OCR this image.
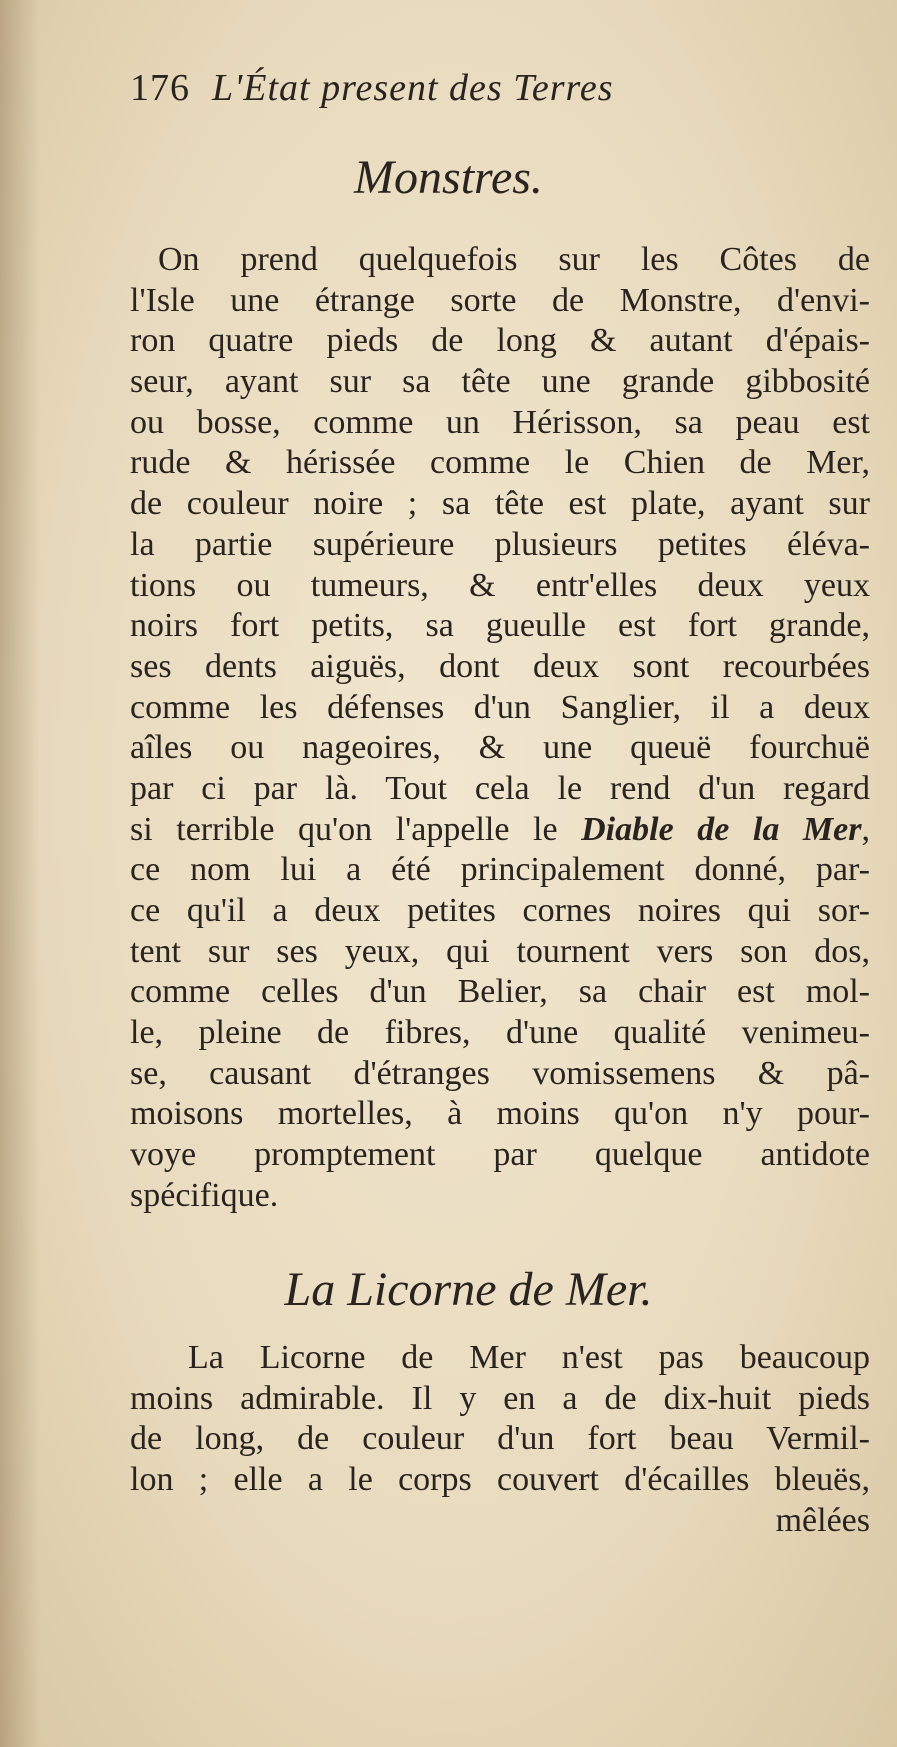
176 L'État present des Terres
Monstres.
On prend quelquefois sur les Côtes de
l'Isle une étrange sorte de Monstre, d'envi-
ron quatre pieds de long & autant d'épais-
seur, ayant sur sa tête une grande gibbosité
ou bosse, comme un Hérisson, sa peau est
rude & hérissée comme le Chien de Mer,
de couleur noire ; sa tête est plate, ayant sur
la partie supérieure plusieurs petites éléva-
tions ou tumeurs, & entr'elles deux yeux
noirs fort petits, sa gueulle est fort grande,
ses dents aiguës, dont deux sont recourbées
comme les défenses d'un Sanglier, il a deux
aîles ou nageoires, & une queuë fourchuë
par ci par là. Tout cela le rend d'un regard
si terrible qu'on l'appelle le Diable de la Mer,
ce nom lui a été principalement donné, par-
ce qu'il a deux petites cornes noires qui sor-
tent sur ses yeux, qui tournent vers son dos,
comme celles d'un Belier, sa chair est mol-
le, pleine de fibres, d'une qualité venimeu-
se, causant d'étranges vomissemens & pâ-
moisons mortelles, à moins qu'on n'y pour-
voye promptement par quelque antidote
spécifique.
La Licorne de Mer.
La Licorne de Mer n'est pas beaucoup
moins admirable. Il y en a de dix-huit pieds
de long, de couleur d'un fort beau Vermil-
lon ; elle a le corps couvert d'écailles bleuës,
mêlées
